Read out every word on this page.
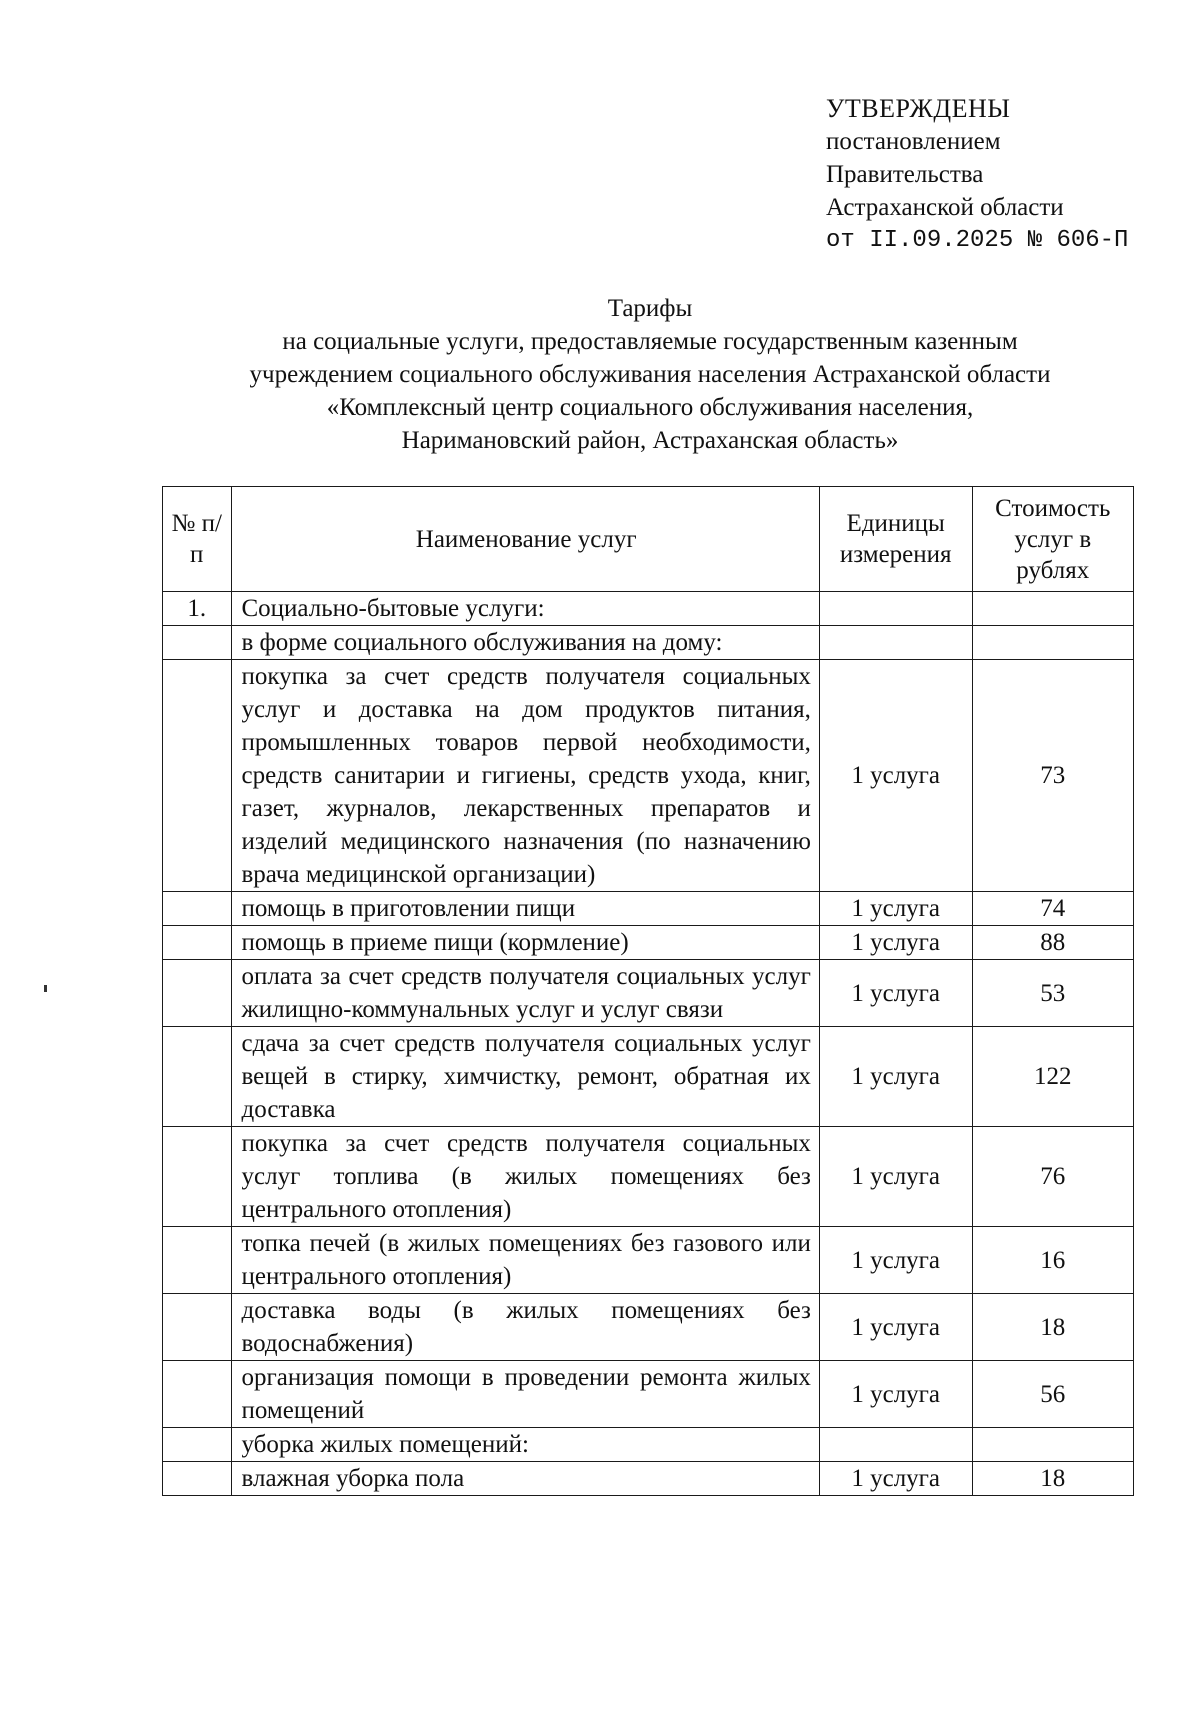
УТВЕРЖДЕНЫ
постановлением
Правительства
Астраханской области
от II.09.2025 № 606-П
Тарифы
на социальные услуги, предоставляемые государственным казенным
учреждением социального обслуживания населения Астраханской области
«Комплексный центр социального обслуживания населения,
Наримановский район, Астраханская область»
№ п/п	Наименование услуг	Единицы измерения	Стоимость услуг в рублях
1.	Социально-бытовые услуги:		
	в форме социального обслуживания на дому:		
	покупка за счет средств получателя социальных услуг и доставка на дом продуктов питания, промышленных товаров первой необходимости, средств санитарии и гигиены, средств ухода, книг, газет, журналов, лекарственных препаратов и изделий медицинского назначения (по назначению врача медицинской организации)	1 услуга	73
	помощь в приготовлении пищи	1 услуга	74
	помощь в приеме пищи (кормление)	1 услуга	88
	оплата за счет средств получателя социальных услуг жилищно-коммунальных услуг и услуг связи	1 услуга	53
	сдача за счет средств получателя социальных услуг вещей в стирку, химчистку, ремонт, обратная их доставка	1 услуга	122
	покупка за счет средств получателя социальных услуг топлива (в жилых помещениях без центрального отопления)	1 услуга	76
	топка печей (в жилых помещениях без газового или центрального отопления)	1 услуга	16
	доставка воды (в жилых помещениях без водоснабжения)	1 услуга	18
	организация помощи в проведении ремонта жилых помещений	1 услуга	56
	уборка жилых помещений:		
	влажная уборка пола	1 услуга	18
